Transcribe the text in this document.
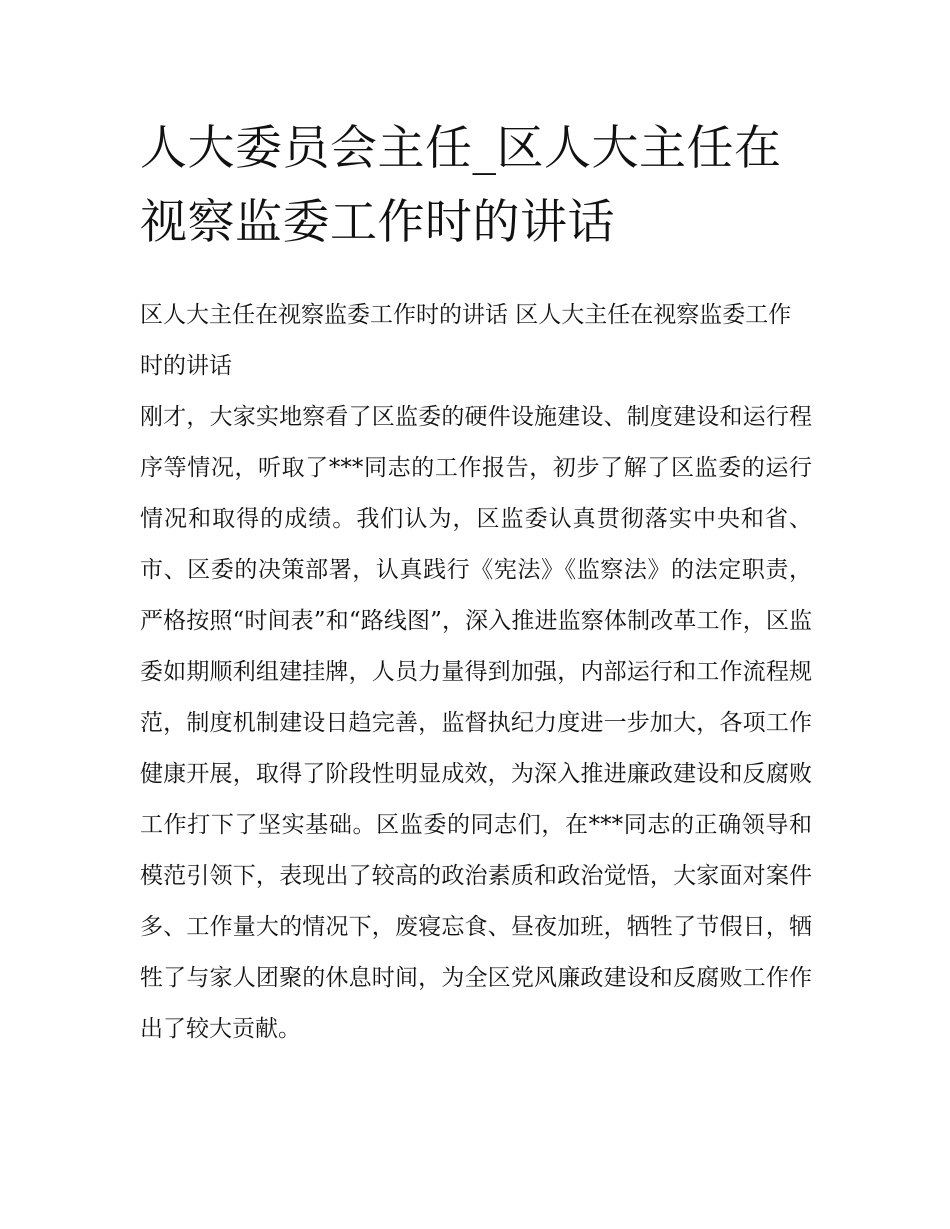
人大委员会主任_区人大主任在视察监委工作时的讲话

区人大主任在视察监委工作时的讲话 区人大主任在视察监委工作时的讲话

刚才，大家实地察看了区监委的硬件设施建设、制度建设和运行程序等情况，听取了***同志的工作报告，初步了解了区监委的运行情况和取得的成绩。我们认为，区监委认真贯彻落实中央和省、市、区委的决策部署，认真践行《宪法》《监察法》的法定职责，严格按照“时间表”和“路线图”，深入推进监察体制改革工作，区监委如期顺利组建挂牌，人员力量得到加强，内部运行和工作流程规范，制度机制建设日趋完善，监督执纪力度进一步加大，各项工作健康开展，取得了阶段性明显成效，为深入推进廉政建设和反腐败工作打下了坚实基础。区监委的同志们，在***同志的正确领导和模范引领下，表现出了较高的政治素质和政治觉悟，大家面对案件多、工作量大的情况下，废寝忘食、昼夜加班，牺牲了节假日，牺牲了与家人团聚的休息时间，为全区党风廉政建设和反腐败工作作出了较大贡献。
